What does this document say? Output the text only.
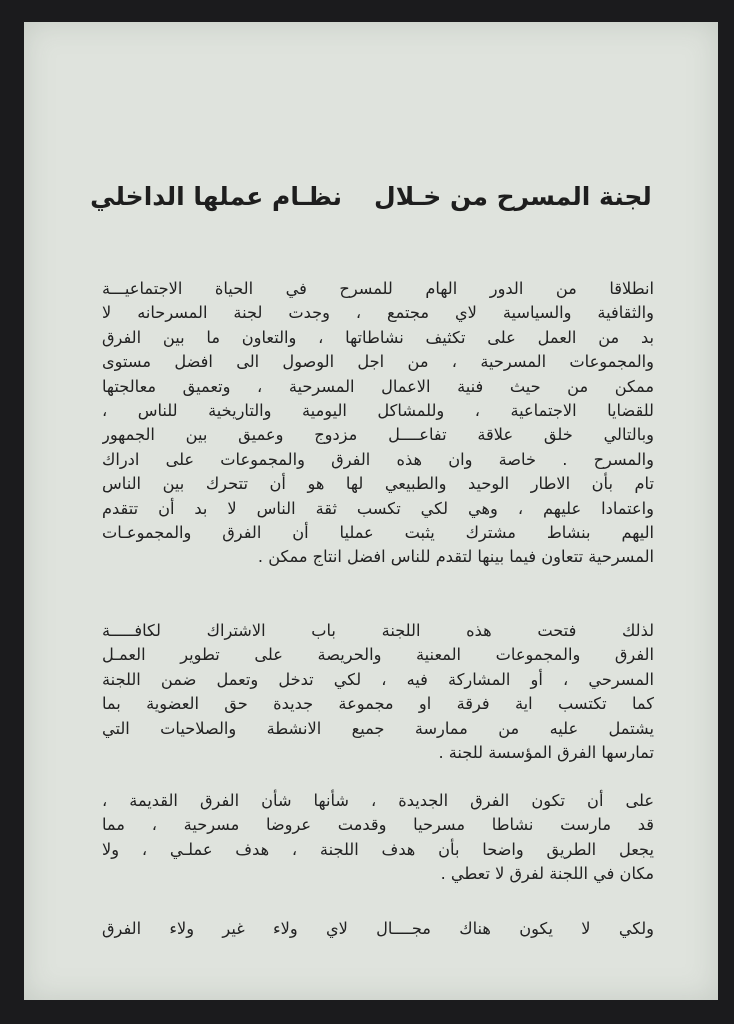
لجنة المسرح من خـلالنظـام عملها الداخلي
انطلاقا من الدور الهام للمسرح في الحياة الاجتماعيـــة
والثقافية والسياسية لاي مجتمع ، وجدت لجنة المسرحانه لا
بد من العمل على تكثيف نشاطاتها ، والتعاون ما بين الفرق
والمجموعات المسرحية ، من اجل الوصول الى افضل مستوى
ممكن من حيث فنية الاعمال المسرحية ، وتعميق معالجتها
للقضايا الاجتماعية ، وللمشاكل اليومية والتاريخية للناس ،
وبالتالي خلق علاقة تفاعــــل مزدوج وعميق بين الجمهور
والمسرح . خاصة وان هذه الفرق والمجموعات على ادراك
تام بأن الاطار الوحيد والطبيعي لها هو أن تتحرك بين الناس
واعتمادا عليهم ، وهي لكي تكسب ثقة الناس لا بد أن تتقدم
اليهم بنشاط مشترك يثبت عمليا أن الفرق والمجموعـات
المسرحية تتعاون فيما بينها لتقدم للناس افضل انتاج ممكن .
لذلك فتحت هذه اللجنة باب الاشتراك لكافـــــة
الفرق والمجموعات المعنية والحريصة على تطوير العمـل
المسرحي ، أو المشاركة فيه ، لكي تدخل وتعمل ضمن اللجنة
كما تكتسب اية فرقة او مجموعة جديدة حق العضوية بما
يشتمل عليه من ممارسة جميع الانشطة والصلاحيات التي
تمارسها الفرق المؤسسة للجنة .
على أن تكون الفرق الجديدة ، شأنها شأن الفرق القديمة ،
قد مارست نشاطا مسرحيا وقدمت عروضا مسرحية ، مما
يجعل الطريق واضحا بأن هدف اللجنة ، هدف عملـي ، ولا
مكان في اللجنة لفرق لا تعطي .
ولكي لا يكون هناك مجــــال لاي ولاء غير ولاء الفرق
